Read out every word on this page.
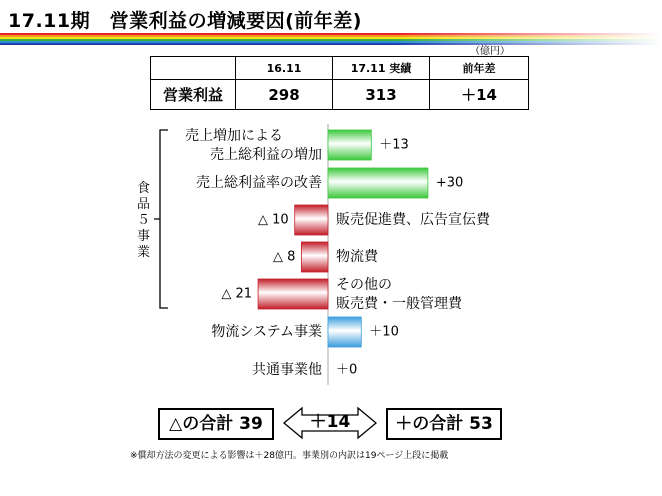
17.11期　営業利益の増減要因(前年差)
（億円）
	16.11	17.11 実績	前年差
営業利益	298	313	＋14
食品５事業
＋13
売上増加による
売上総利益の増加
+30
売上総利益率の改善
△ 10	販売促進費、広告宣伝費
△ 8	物流費
△ 21
その他の
販売費・一般管理費
＋10
物流システム事業
＋0
共通事業他
△の合計 39	＋14	＋の合計 53
※償却方法の変更による影響は＋28億円。事業別の内訳は19ページ上段に掲載
